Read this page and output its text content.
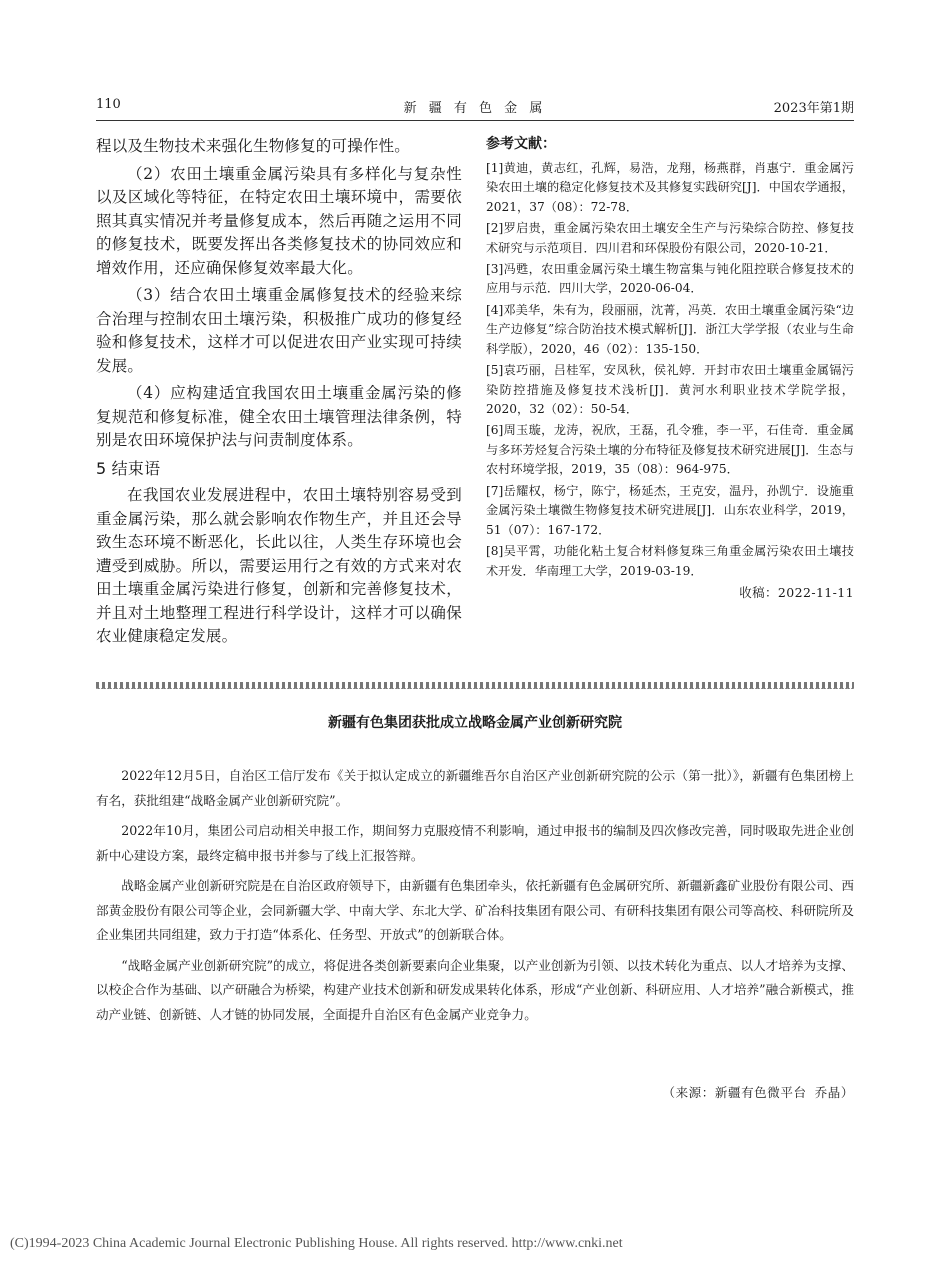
110	新 疆 有 色 金 属	2023年第1期

程以及生物技术来强化生物修复的可操作性。

（2）农田土壤重金属污染具有多样化与复杂性以及区域化等特征，在特定农田土壤环境中，需要依照其真实情况并考量修复成本，然后再随之运用不同的修复技术，既要发挥出各类修复技术的协同效应和增效作用，还应确保修复效率最大化。

（3）结合农田土壤重金属修复技术的经验来综合治理与控制农田土壤污染，积极推广成功的修复经验和修复技术，这样才可以促进农田产业实现可持续发展。

（4）应构建适宜我国农田土壤重金属污染的修复规范和修复标准，健全农田土壤管理法律条例，特别是农田环境保护法与问责制度体系。

5 结束语

在我国农业发展进程中，农田土壤特别容易受到重金属污染，那么就会影响农作物生产，并且还会导致生态环境不断恶化，长此以往，人类生存环境也会遭受到威胁。所以，需要运用行之有效的方式来对农田土壤重金属污染进行修复，创新和完善修复技术，并且对土地整理工程进行科学设计，这样才可以确保农业健康稳定发展。

参考文献：
[1]黄迪，黄志红，孔辉，易浩，龙翔，杨燕群，肖惠宁．重金属污染农田土壤的稳定化修复技术及其修复实践研究[J]．中国农学通报，2021，37（08）：72-78．
[2]罗启贵，重金属污染农田土壤安全生产与污染综合防控、修复技术研究与示范项目．四川君和环保股份有限公司，2020-10-21．
[3]冯甦，农田重金属污染土壤生物富集与钝化阻控联合修复技术的应用与示范．四川大学，2020-06-04．
[4]邓美华，朱有为，段丽丽，沈菁，冯英．农田土壤重金属污染“边生产边修复”综合防治技术模式解析[J]．浙江大学学报（农业与生命科学版），2020，46（02）：135-150．
[5]袁巧丽，吕桂军，安凤秋，侯礼婷．开封市农田土壤重金属镉污染防控措施及修复技术浅析[J]．黄河水利职业技术学院学报，2020，32（02）：50-54．
[6]周玉璇，龙涛，祝欣，王磊，孔令雅，李一平，石佳奇．重金属与多环芳烃复合污染土壤的分布特征及修复技术研究进展[J]．生态与农村环境学报，2019，35（08）：964-975．
[7]岳耀权，杨宁，陈宁，杨延杰，王克安，温丹，孙凯宁．设施重金属污染土壤微生物修复技术研究进展[J]．山东农业科学，2019，51（07）：167-172．
[8]吴平霄，功能化粘土复合材料修复珠三角重金属污染农田土壤技术开发．华南理工大学，2019-03-19．
收稿：2022-11-11
新疆有色集团获批成立战略金属产业创新研究院

2022年12月5日，自治区工信厅发布《关于拟认定成立的新疆维吾尔自治区产业创新研究院的公示（第一批）》，新疆有色集团榜上有名，获批组建“战略金属产业创新研究院”。

2022年10月，集团公司启动相关申报工作，期间努力克服疫情不利影响，通过申报书的编制及四次修改完善，同时吸取先进企业创新中心建设方案，最终定稿申报书并参与了线上汇报答辩。

战略金属产业创新研究院是在自治区政府领导下，由新疆有色集团牵头，依托新疆有色金属研究所、新疆新鑫矿业股份有限公司、西部黄金股份有限公司等企业，会同新疆大学、中南大学、东北大学、矿冶科技集团有限公司、有研科技集团有限公司等高校、科研院所及企业集团共同组建，致力于打造“体系化、任务型、开放式”的创新联合体。

“战略金属产业创新研究院”的成立，将促进各类创新要素向企业集聚，以产业创新为引领、以技术转化为重点、以人才培养为支撑、以校企合作为基础、以产研融合为桥梁，构建产业技术创新和研发成果转化体系，形成“产业创新、科研应用、人才培养”融合新模式，推动产业链、创新链、人才链的协同发展，全面提升自治区有色金属产业竞争力。

（来源：新疆有色微平台 乔晶）
(C)1994-2023 China Academic Journal Electronic Publishing House. All rights reserved. http://www.cnki.net
